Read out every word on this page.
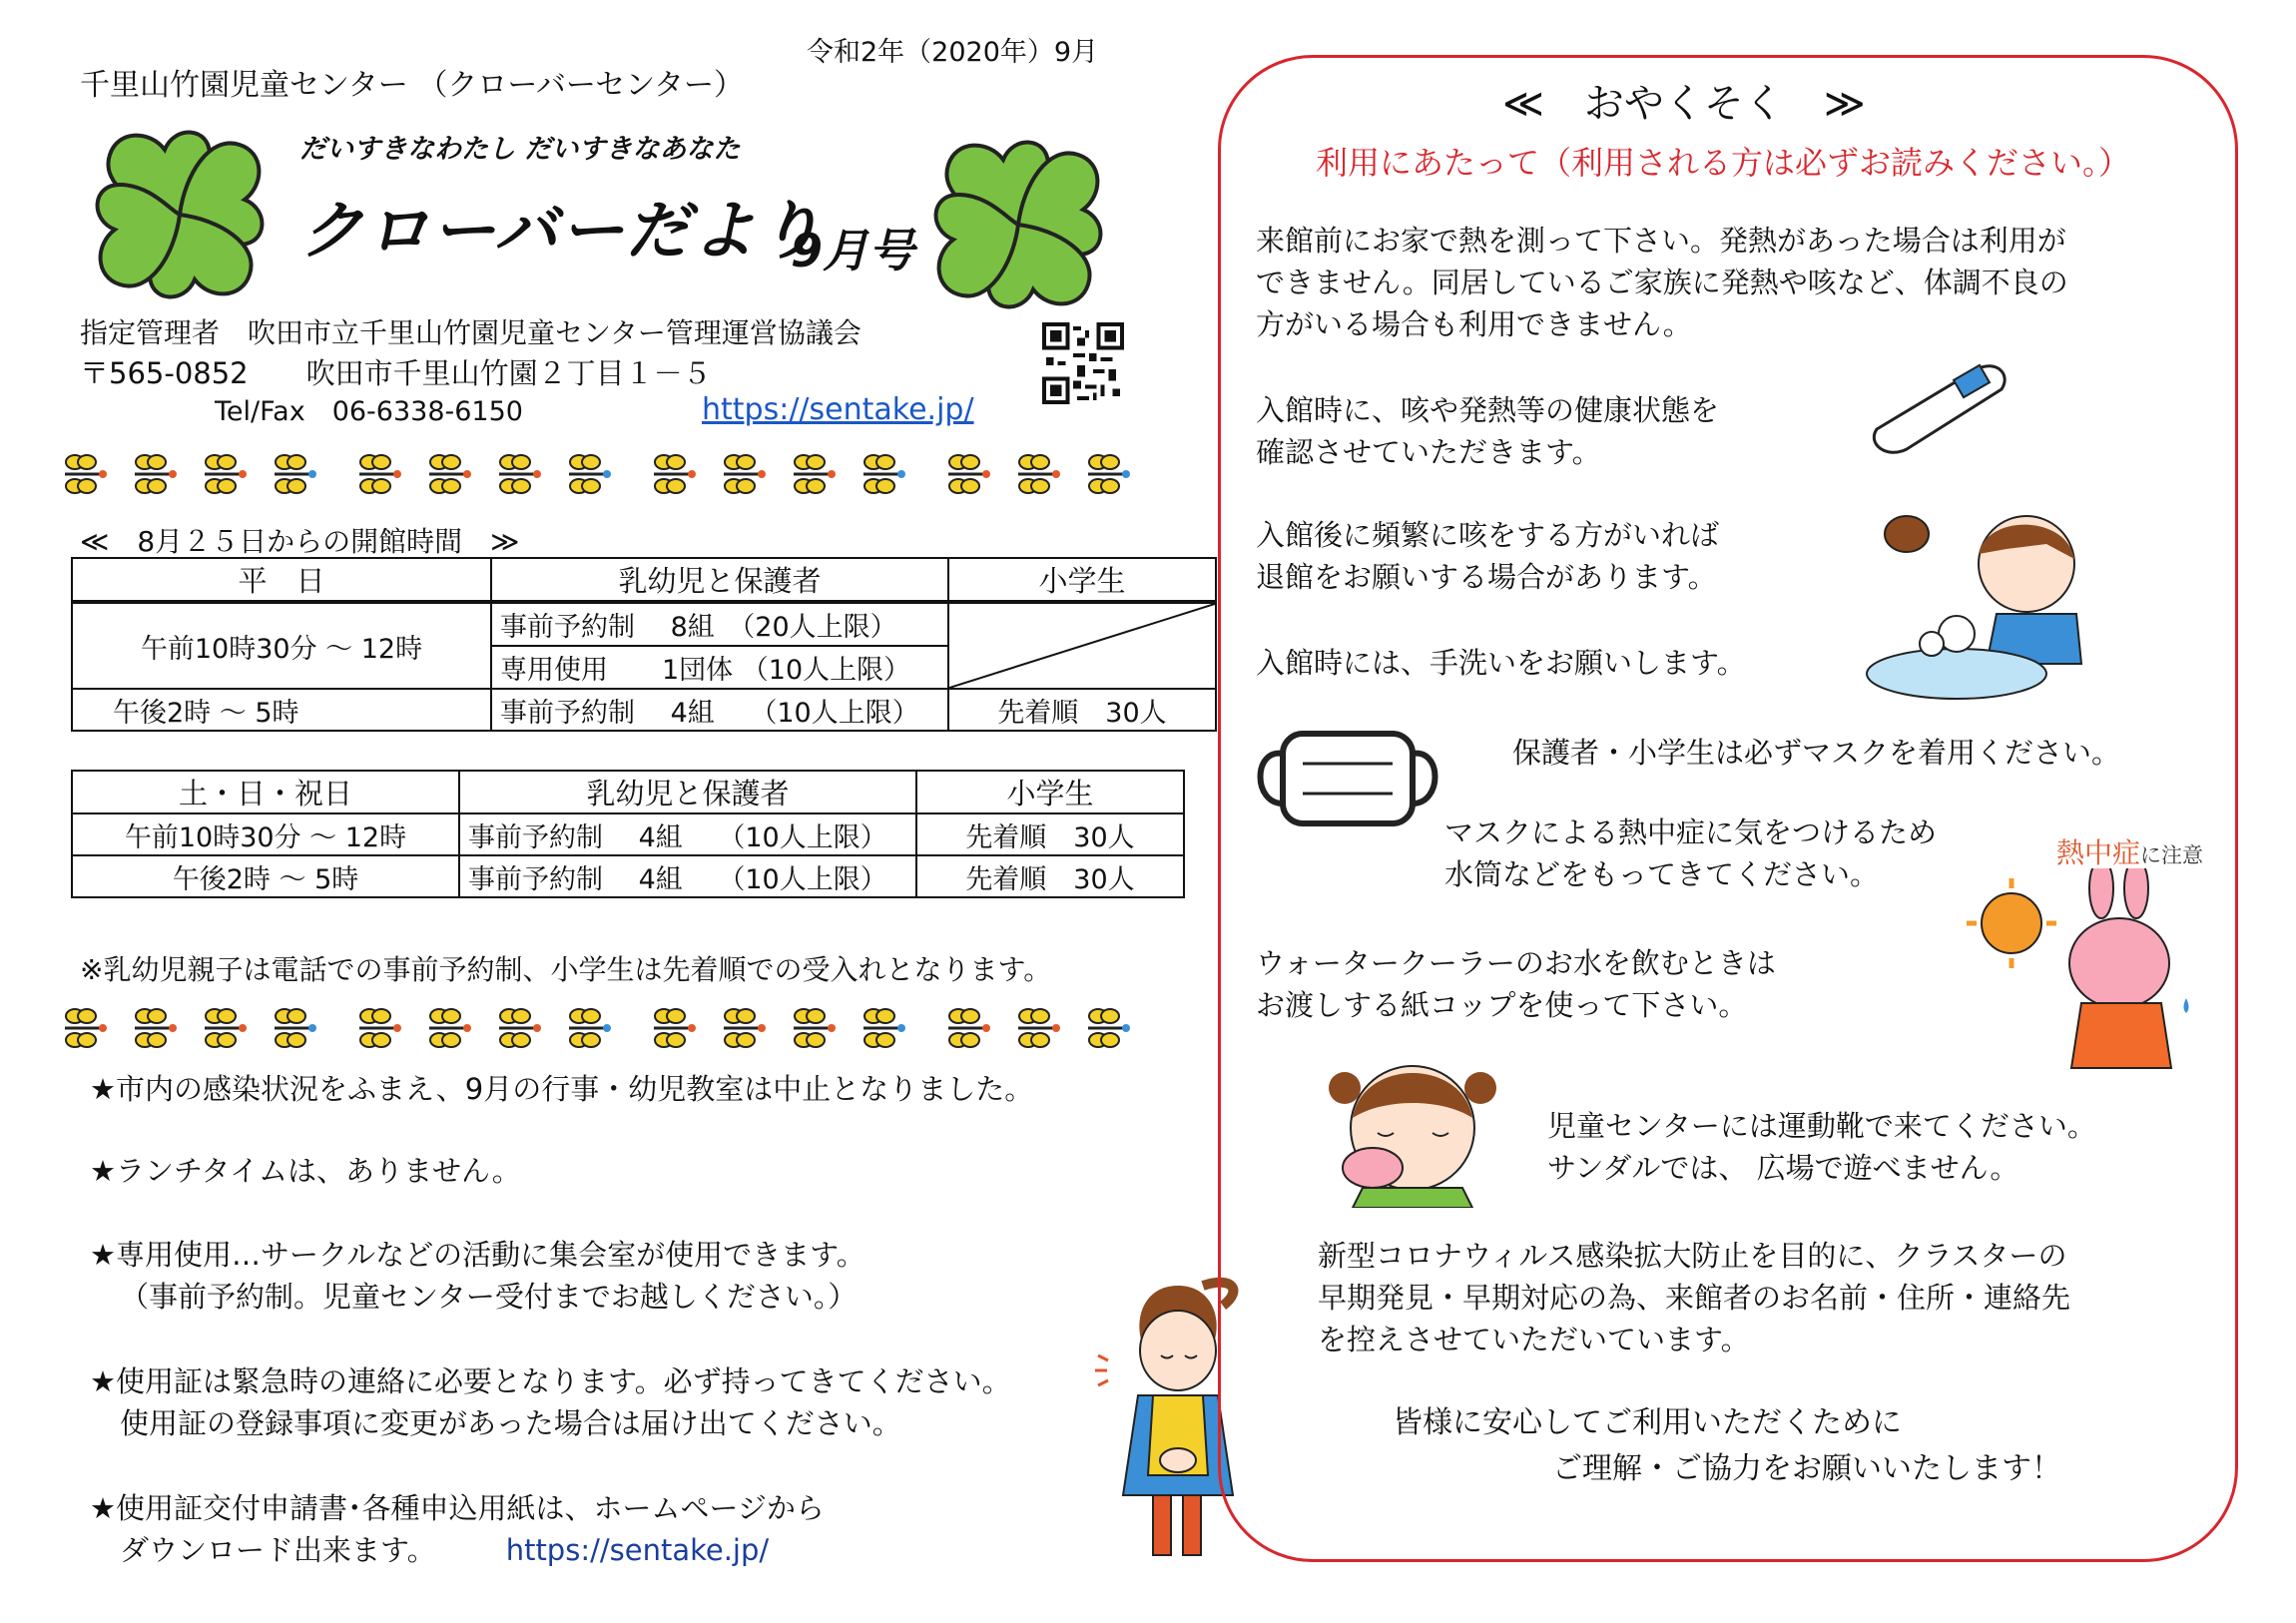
令和2年（2020年）9月
千里山竹園児童センター （クローバーセンター）
だいすきなわたし だいすきなあなた
クローバーだより
9月号
指定管理者　吹田市立千里山竹園児童センター管理運営協議会
〒565-0852　　吹田市千里山竹園２丁目１－５
Tel/Fax　06-6338-6150	https://sentake.jp/
≪　8月２５日からの開館時間　≫
平　日	乳幼児と保護者	小学生
午前10時30分 ～ 12時	事前予約制　 8組　（20人上限）	

	専用使用　　1団体 （10人上限）	
午後2時 ～ 5時	事前予約制　 4組　 （10人上限）	先着順　30人
土・日・祝日	乳幼児と保護者	小学生
午前10時30分 ～ 12時	事前予約制　 4組　 （10人上限）	先着順　30人
午後2時 ～ 5時	事前予約制　 4組　 （10人上限）	先着順　30人
※乳幼児親子は電話での事前予約制、小学生は先着順での受入れとなります。
★市内の感染状況をふまえ、9月の行事・幼児教室は中止となりました。
★ランチタイムは、ありません。
★専用使用…サークルなどの活動に集会室が使用できます。
（事前予約制。児童センター受付までお越しください。）
★使用証は緊急時の連絡に必要となります。必ず持ってきてください。
使用証の登録事項に変更があった場合は届け出てください。
★使用証交付申請書･各種申込用紙は、ホームページから
ダウンロード出来ます。 https://sentake.jp/
≪　おやくそく　≫
利用にあたって（利用される方は必ずお読みください。）
来館前にお家で熱を測って下さい。発熱があった場合は利用が
できません。同居しているご家族に発熱や咳など、体調不良の
方がいる場合も利用できません。
入館時に、咳や発熱等の健康状態を
確認させていただきます。
入館後に頻繁に咳をする方がいれば
退館をお願いする場合があります。
入館時には、手洗いをお願いします。
保護者・小学生は必ずマスクを着用ください。
マスクによる熱中症に気をつけるため
水筒などをもってきてください。
熱中症に注意
ウォータークーラーのお水を飲むときは
お渡しする紙コップを使って下さい。
児童センターには運動靴で来てください。
サンダルでは、 広場で遊べません。
新型コロナウィルス感染拡大防止を目的に、クラスターの
早期発見・早期対応の為、来館者のお名前・住所・連絡先
を控えさせていただいています。
皆様に安心してご利用いただくために
ご理解・ご協力をお願いいたします！
